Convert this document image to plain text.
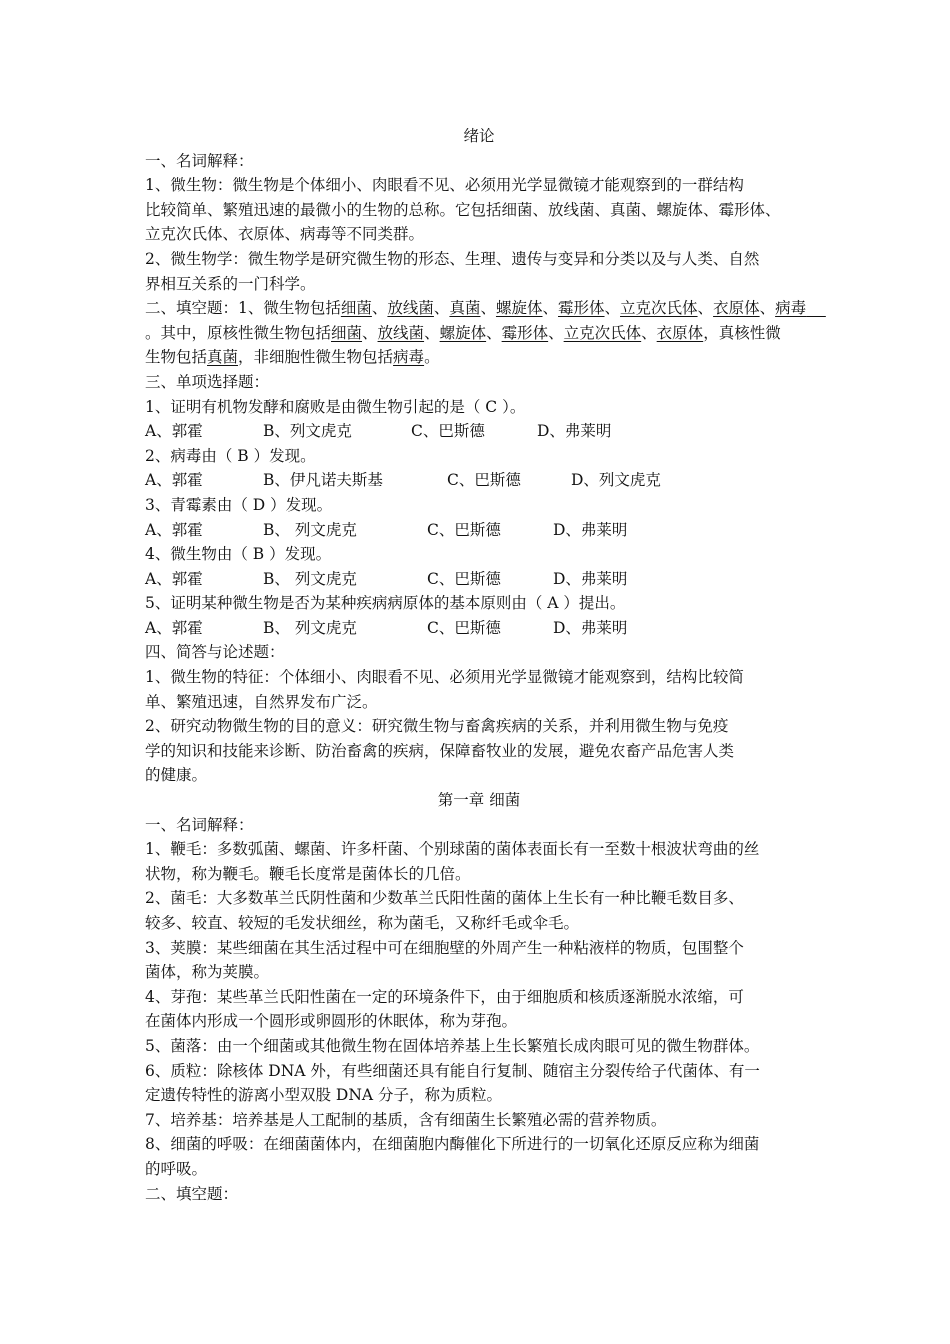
绪论
一、名词解释：
1、微生物：微生物是个体细小、肉眼看不见、必须用光学显微镜才能观察到的一群结构
比较简单、繁殖迅速的最微小的生物的总称。它包括细菌、放线菌、真菌、螺旋体、霉形体、
立克次氏体、衣原体、病毒等不同类群。
2、微生物学：微生物学是研究微生物的形态、生理、遗传与变异和分类以及与人类、自然
界相互关系的一门科学。
二、填空题：1、微生物包括细菌、放线菌、真菌、螺旋体、霉形体、立克次氏体、衣原体、病毒
。其中，原核性微生物包括细菌、放线菌、螺旋体、霉形体、立克次氏体、衣原体，真核性微
生物包括真菌，非细胞性微生物包括病毒。
三、单项选择题：
1、证明有机物发酵和腐败是由微生物引起的是（ C ）。
A、郭霍	B、列文虎克	C、巴斯德	D、弗莱明
2、病毒由（ B ）发现。
A、郭霍	B、伊凡诺夫斯基	C、巴斯德	D、列文虎克
3、青霉素由（ D ）发现。
A、郭霍	B、 列文虎克	C、巴斯德	D、弗莱明
4、微生物由（ B ）发现。
A、郭霍	B、 列文虎克	C、巴斯德	D、弗莱明
5、证明某种微生物是否为某种疾病病原体的基本原则由（ A ）提出。
A、郭霍	B、 列文虎克	C、巴斯德	D、弗莱明
四、简答与论述题：
1、微生物的特征：个体细小、肉眼看不见、必须用光学显微镜才能观察到，结构比较简
单、繁殖迅速，自然界发布广泛。
2、研究动物微生物的目的意义：研究微生物与畜禽疾病的关系，并利用微生物与免疫
学的知识和技能来诊断、防治畜禽的疾病，保障畜牧业的发展，避免农畜产品危害人类
的健康。
第一章 细菌
一、名词解释：
1、鞭毛：多数弧菌、螺菌、许多杆菌、个别球菌的菌体表面长有一至数十根波状弯曲的丝
状物，称为鞭毛。鞭毛长度常是菌体长的几倍。
2、菌毛：大多数革兰氏阴性菌和少数革兰氏阳性菌的菌体上生长有一种比鞭毛数目多、
较多、较直、较短的毛发状细丝，称为菌毛，又称纤毛或伞毛。
3、荚膜：某些细菌在其生活过程中可在细胞壁的外周产生一种粘液样的物质，包围整个
菌体，称为荚膜。
4、芽孢：某些革兰氏阳性菌在一定的环境条件下，由于细胞质和核质逐渐脱水浓缩，可
在菌体内形成一个圆形或卵圆形的休眠体，称为芽孢。
5、菌落：由一个细菌或其他微生物在固体培养基上生长繁殖长成肉眼可见的微生物群体。
6、质粒：除核体 DNA 外，有些细菌还具有能自行复制、随宿主分裂传给子代菌体、有一
定遗传特性的游离小型双股 DNA 分子，称为质粒。
7、培养基：培养基是人工配制的基质，含有细菌生长繁殖必需的营养物质。
8、细菌的呼吸：在细菌菌体内，在细菌胞内酶催化下所进行的一切氧化还原反应称为细菌
的呼吸。
二、填空题：
